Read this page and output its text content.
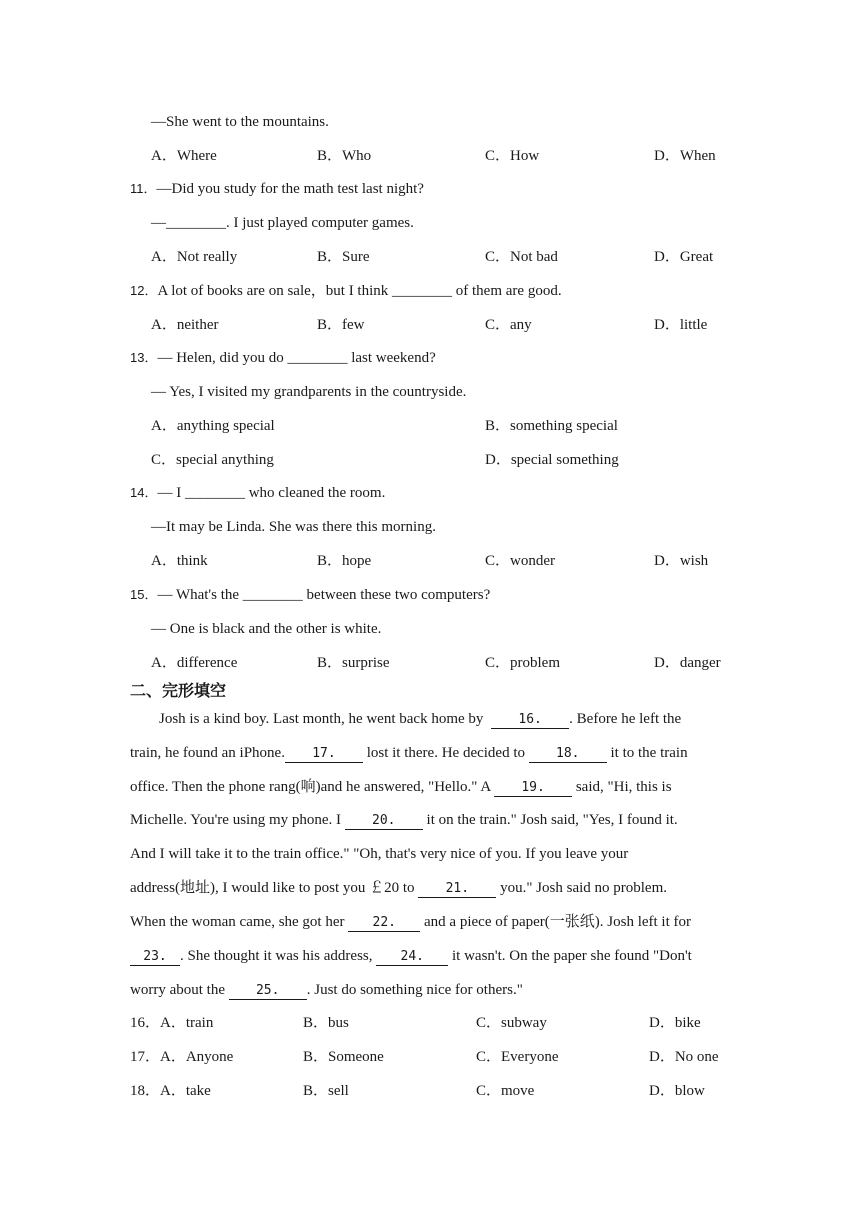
—She went to the mountains.
A．Where	B．Who	C．How	D．When
11．—Did you study for the math test last night?
—________. I just played computer games.
A．Not really	B．Sure	C．Not bad	D．Great
12．A lot of books are on sale，but I think ________ of them are good.
A．neither	B．few	C．any	D．little
13．— Helen, did you do ________ last weekend?
— Yes, I visited my grandparents in the countryside.
A．anything special	B．something special
C．special anything	D．special something
14．— I ________ who cleaned the room.
—It may be Linda. She was there this morning.
A．think	B．hope	C．wonder	D．wish
15．— What's the ________ between these two computers?
— One is black and the other is white.
A．difference	B．surprise	C．problem	D．danger
二、完形填空
Josh is a kind boy. Last month, he went back home by	16. . Before he left the
train, he found an iPhone. 17. lost it there. He decided to 18. it to the train
office. Then the phone rang(响)and he answered, "Hello." A 19. said, "Hi, this is
Michelle. You're using my phone. I 20. it on the train." Josh said, "Yes, I found it.
And I will take it to the train office." "Oh, that's very nice of you. If you leave your
address(地址), I would like to post you ￡20 to 21. you." Josh said no problem.
When the woman came, she got her 22. and a piece of paper(一张纸). Josh left it for
23. . She thought it was his address, 24. it wasn't. On the paper she found "Don't
worry about the 25. . Just do something nice for others."
16．A．train	B．bus	C．subway	D．bike
17．A．Anyone	B．Someone	C．Everyone	D．No one
18．A．take	B．sell	C．move	D．blow
